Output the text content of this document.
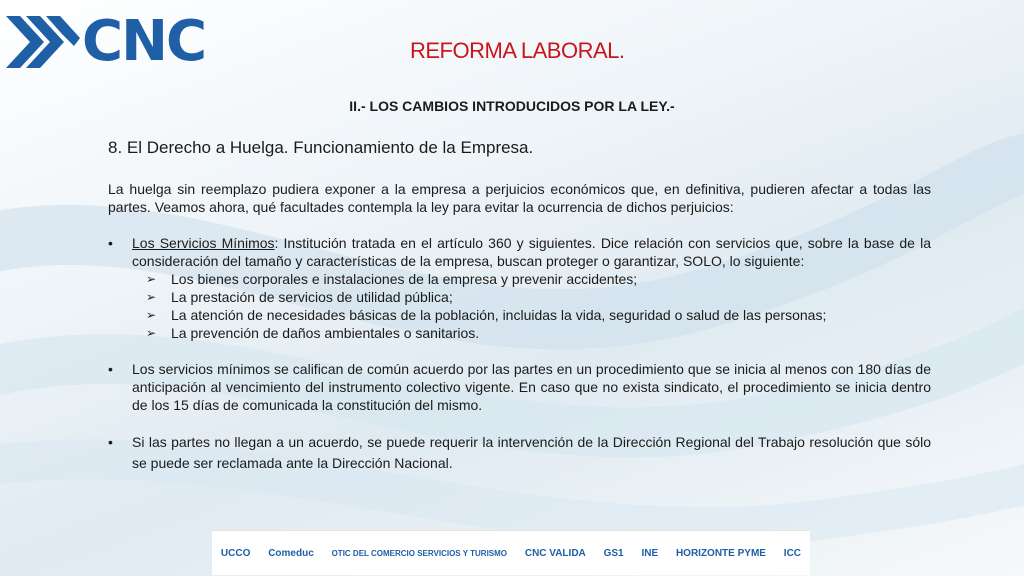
CNC	REFORMA LABORAL.
II.- LOS CAMBIOS INTRODUCIDOS POR LA LEY.-
8. El Derecho a Huelga. Funcionamiento de la Empresa.

La huelga sin reemplazo pudiera exponer a la empresa a perjuicios económicos que, en definitiva, pudieren afectar a todas las partes. Veamos ahora, qué facultades contempla la ley para evitar la ocurrencia de dichos perjuicios:

• Los Servicios Mínimos: Institución tratada en el artículo 360 y siguientes. Dice relación con servicios que, sobre la base de la consideración del tamaño y características de la empresa, buscan proteger o garantizar, SOLO, lo siguiente:
➢ Los bienes corporales e instalaciones de la empresa y prevenir accidentes;
➢ La prestación de servicios de utilidad pública;
➢ La atención de necesidades básicas de la población, incluidas la vida, seguridad o salud de las personas;
➢ La prevención de daños ambientales o sanitarios.
• Los servicios mínimos se califican de común acuerdo por las partes en un procedimiento que se inicia al menos con 180 días de anticipación al vencimiento del instrumento colectivo vigente. En caso que no exista sindicato, el procedimiento se inicia dentro de los 15 días de comunicada la constitución del mismo.
• Si las partes no llegan a un acuerdo, se puede requerir la intervención de la Dirección Regional del Trabajo resolución que sólo se puede ser reclamada ante la Dirección Nacional.
UCCO Comeduc OTIC DEL COMERCIO SERVICIOS Y TURISMO CNC VALIDA GS1 INE HORIZONTE PYME ICC
